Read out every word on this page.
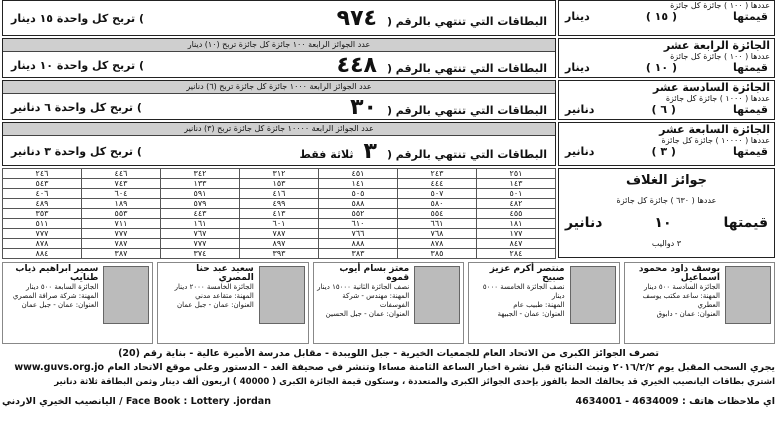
البطاقات التي تنتهي بالرقم (٩٧٤
) تربح كل واحدة ١٥ دينار
عدد الجوائز الرابعة ١٠٠ جائزة كل جائزة تربح (١٠) دينار
البطاقات التي تنتهي بالرقم (٤٤٨
) تربح كل واحدة ١٠ دينار
عدد الجوائز الرابعة ١٠٠٠ جائزة كل جائزة تربح (٦) دنانير
البطاقات التي تنتهي بالرقم (٣٠
) تربح كل واحدة ٦ دنانير
عدد الجوائز الرابعة ١٠٠٠٠ جائزة كل جائزة تربح (٣) دنانير
البطاقات التي تنتهي بالرقم (٣ثلاثة فقط
) تربح كل واحدة ٣ دنانير
٢٥١	٢٤٣	٤٥١	٣١٢	٣٤٢	٤٤٦	٢٤٦
١٤٣	٤٤٤	١٤١	١٥٣	١٣٣	٧٤٣	٥٤٣
٥٠١	٥٠٧	٥٠٥	٤١٦	٥٩١	٦٠٤	٤٠٦
٤٨٢	٥٨٠	٥٨٨	٤٩٩	٥٧٩	١٨٩	٤٨٩
٤٥٥	٥٥٤	٥٥٢	٤١٣	٤٤٣	٥٥٣	٣٥٣
١٨١	٦٦١	٦١٠	٦٠١	١٦١	٧١١	٥١١
١٧٧	٧٦٨	٧٦٦	٧٨٧	٧٦٧	٧٧٧	٧٧٧
٨٤٧	٨٧٨	٨٨٨	٨٩٧	٧٧٧	٧٨٧	٨٧٨
٢٨٤	٣٨٥	٣٨٣	٣٩٣	٣٧٤	٣٨٧	٨٨٤
عددها ( ١٠٠ ) جائزة كل جائزة
قيمتها
( ١٥ )
دينار
الجائزة الرابعة عشر
عددها ( ١٠٠ ) جائزة كل جائزة
قيمتها
( ١٠ )
دينار
الجائزة السادسة عشر
عددها ( ١٠٠٠ ) جائزة كل جائزة
قيمتها
( ٦ )
دنانير
الجائزة السابعة عشر
عددها ( ١٠٠٠٠ ) جائزة كل جائزة
قيمتها
( ٣ )
دنانير
جوائز الغلاف
عددها ( ٦٣٠ ) جائزة كل جائزة
قيمتها
١٠
دنانير
٣ دواليب
يوسف داود محمود اسماعيل
الجائزة السادسة ٥٠٠ دينار
المهنة: ساعد مكتب يوسف العطري
العنوان: عمان - دابوق
منتصر أكرم عزيز صبيح
نصف الجائزة الخامسة ٥٠٠٠ دينار
المهنة: طبيب عام
العنوان: عمان - الجبيهة
معتز بسام أيوب قموه
نصف الجائزة الثانية ١٥٠٠٠ دينار
المهنة: مهندس - شركة الفوسفات
العنوان: عمان - جبل الحسين
سعيد عبد حنا المصري
الجائزة الخامسة ٢٠٠٠ دينار
المهنة: متقاعد مدني
العنوان: عمان - جبل عمان
سمير ابراهيم ذياب طنايب
الجائزة السابعة ٥٠٠ دينار
المهنة: شركة صرافة المصري
العنوان: عمان - جبل عمان
تصرف الجوائز الكبرى من الاتحاد العام للجمعيات الخيرية - جبل اللويبدة - مقابل مدرسة الأميرة عالية - بناية رقم (20)
يجري السحب المقبل يوم ٢٠١٦/٢/٢ وتبث النتائج قبل نشرة اخبار الساعة الثامنة مساءا وتنشر في صحيفة الغد - الدستور وعلى موقع الاتحاد العام www.guvs.org.jo
اشتري بطاقات اليانصيب الخيري قد يحالفك الحظ بالفوز بإحدى الجوائز الكبرى والمتعددة ، وستكون قيمة الجائزة الكبرى ( 40000 ) اربعون ألف دينار وثمن البطاقة ثلاثة دنانير
اي ملاحظات هاتف : 4634009 - 4634001
Face Book : Lottery .jordan / اليانصيب الخيري الاردني
